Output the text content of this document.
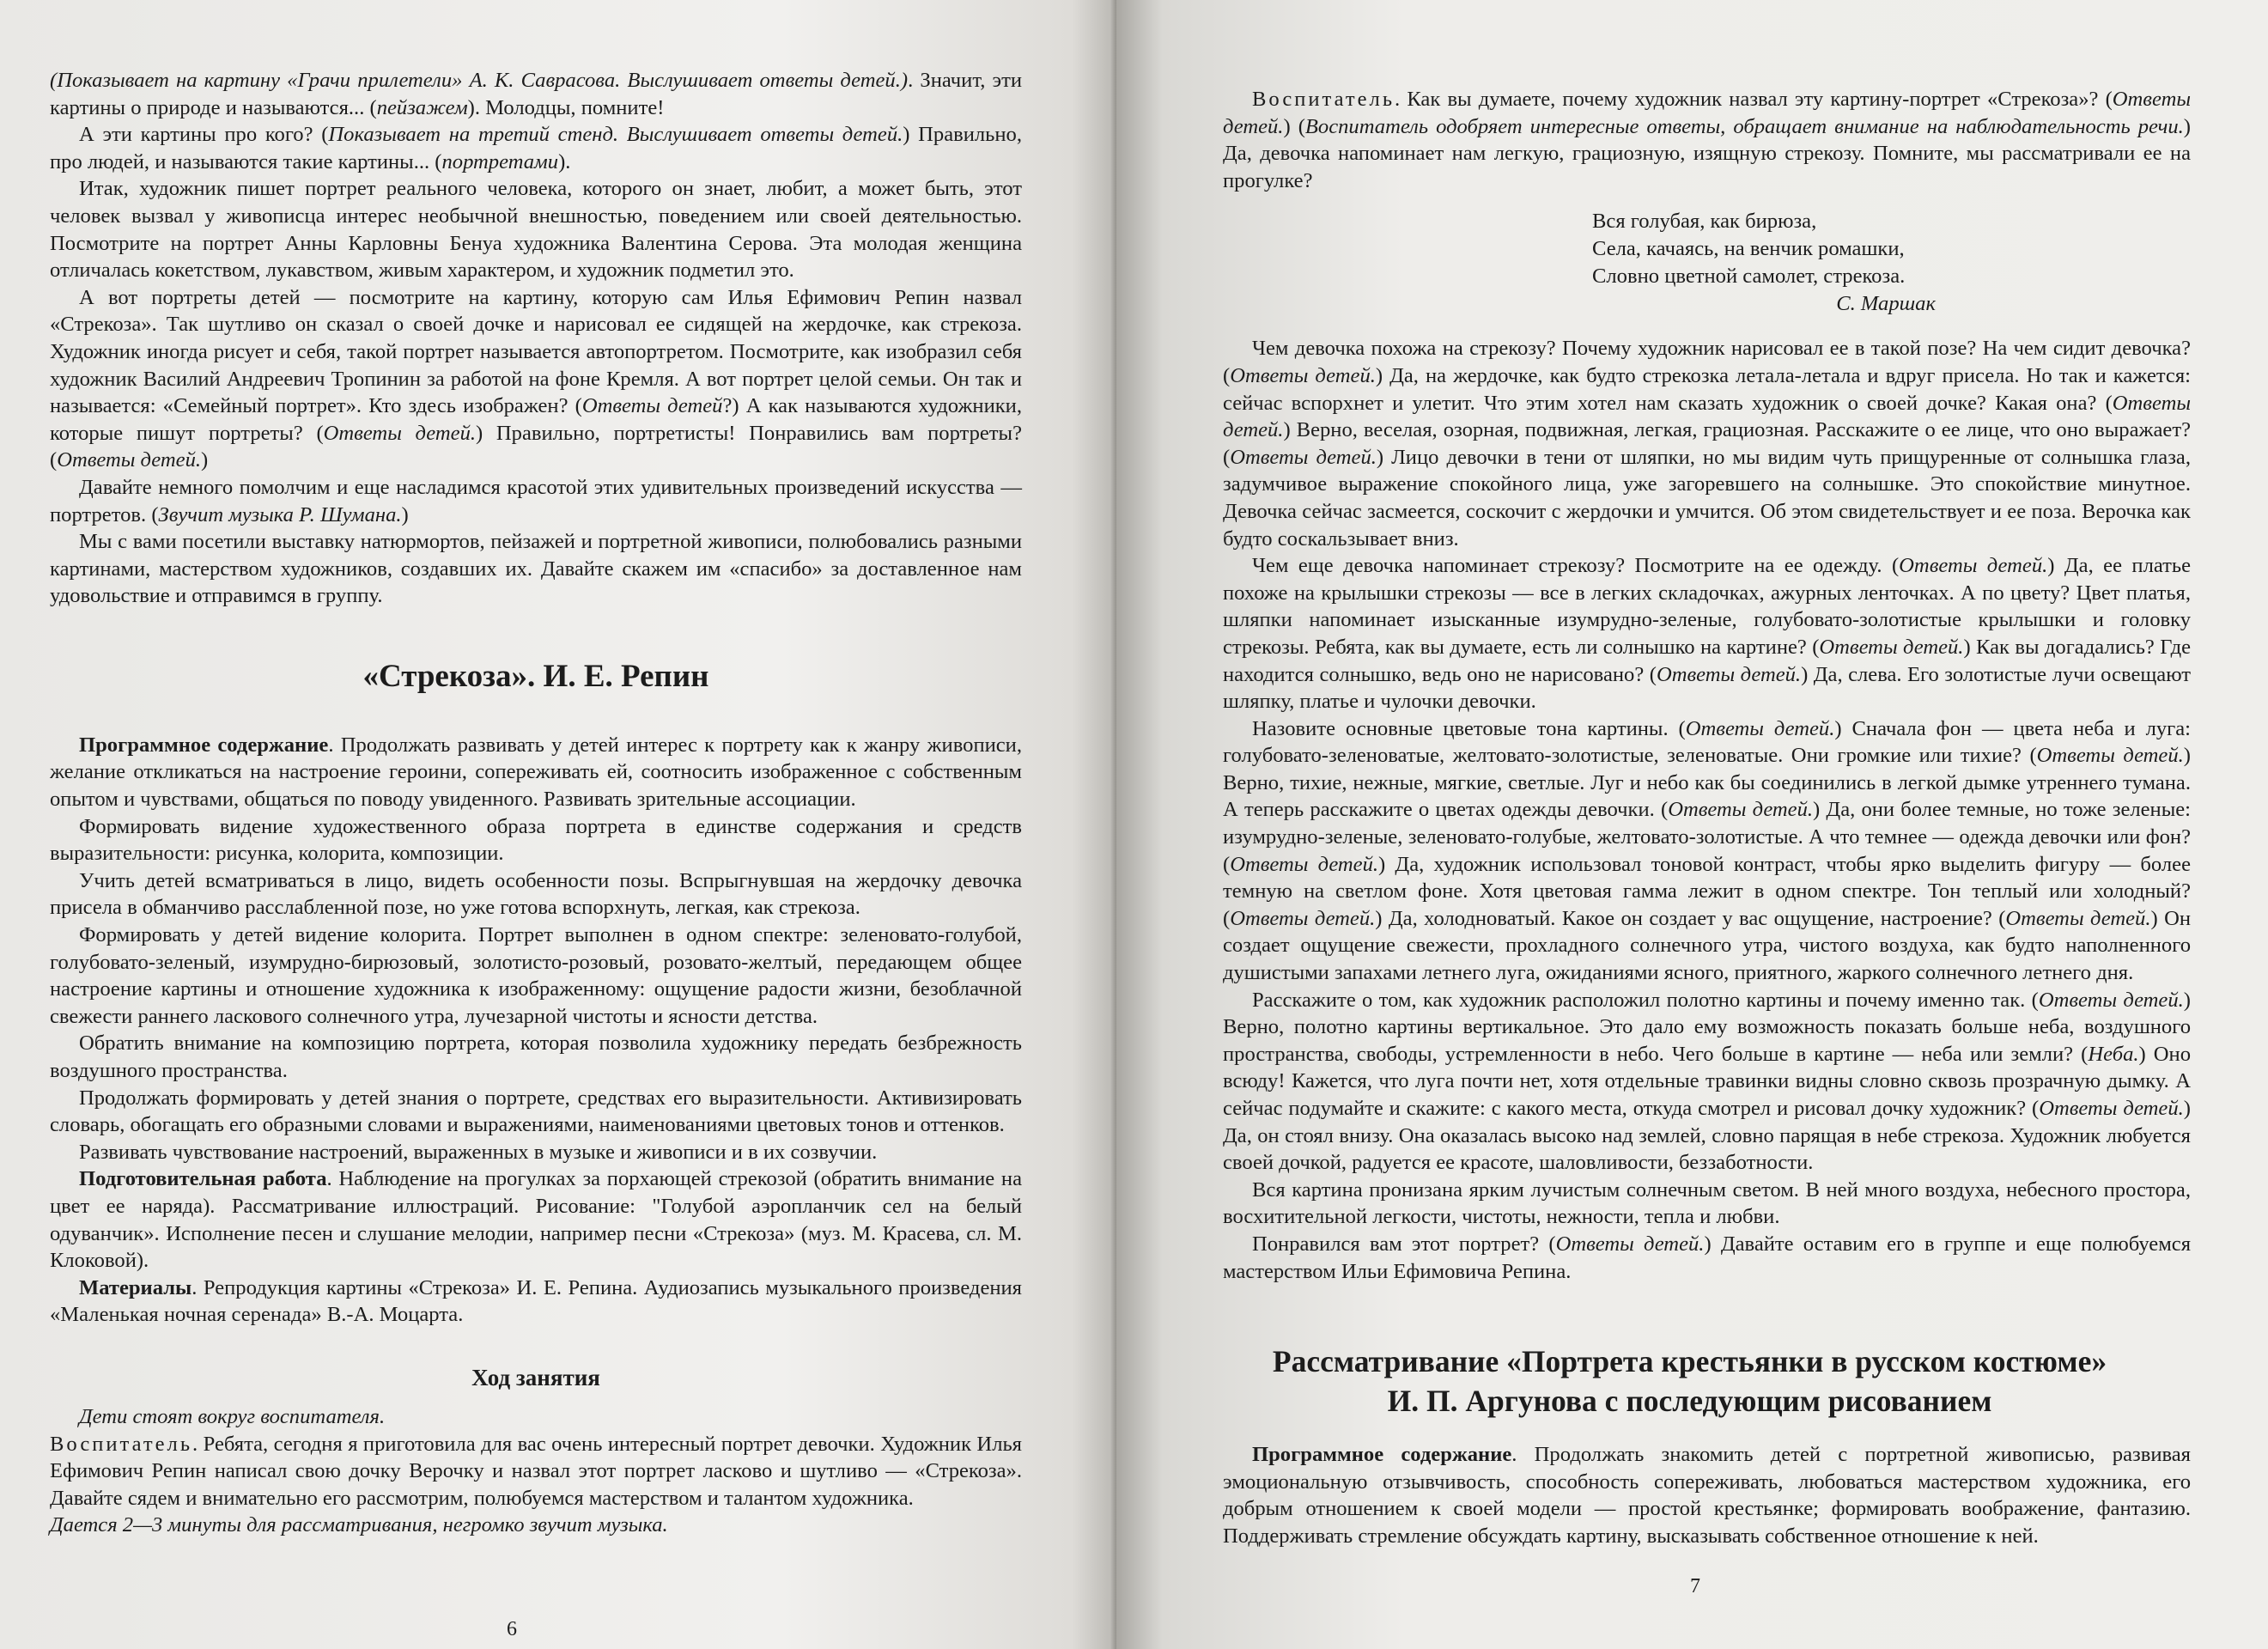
(Показывает на картину «Грачи прилетели» А. К. Саврасова. Выслушивает ответы детей.). Значит, эти картины о природе и называются... (пейзажем). Молодцы, помните!

А эти картины про кого? (Показывает на третий стенд. Выслушивает ответы детей.) Правильно, про людей, и называются такие картины... (портретами).

Итак, художник пишет портрет реального человека, которого он знает, любит, а может быть, этот человек вызвал у живописца интерес необычной внешностью, поведением или своей деятельностью. Посмотрите на портрет Анны Карловны Бенуа художника Валентина Серова. Эта молодая женщина отличалась кокетством, лукавством, живым характером, и художник подметил это.

А вот портреты детей — посмотрите на картину, которую сам Илья Ефимович Репин назвал «Стрекоза». Так шутливо он сказал о своей дочке и нарисовал ее сидящей на жердочке, как стрекоза. Художник иногда рисует и себя, такой портрет называется автопортретом. Посмотрите, как изобразил себя художник Василий Андреевич Тропинин за работой на фоне Кремля. А вот портрет целой семьи. Он так и называется: «Семейный портрет». Кто здесь изображен? (Ответы детей?) А как называются художники, которые пишут портреты? (Ответы детей.) Правильно, портретисты! Понравились вам портреты? (Ответы детей.)

Давайте немного помолчим и еще насладимся красотой этих удивительных произведений искусства — портретов. (Звучит музыка Р. Шумана.)

Мы с вами посетили выставку натюрмортов, пейзажей и портретной живописи, полюбовались разными картинами, мастерством художников, создавших их. Давайте скажем им «спасибо» за доставленное нам удовольствие и отправимся в группу.

«Стрекоза». И. Е. Репин

Программное содержание. Продолжать развивать у детей интерес к портрету как к жанру живописи, желание откликаться на настроение героини, сопереживать ей, соотносить изображенное с собственным опытом и чувствами, общаться по поводу увиденного. Развивать зрительные ассоциации.

Формировать видение художественного образа портрета в единстве содержания и средств выразительности: рисунка, колорита, композиции.

Учить детей всматриваться в лицо, видеть особенности позы. Вспрыгнувшая на жердочку девочка присела в обманчиво расслабленной позе, но уже готова вспорхнуть, легкая, как стрекоза.

Формировать у детей видение колорита. Портрет выполнен в одном спектре: зеленовато-голубой, голубовато-зеленый, изумрудно-бирюзовый, золотисто-розовый, розовато-желтый, передающем общее настроение картины и отношение художника к изображенному: ощущение радости жизни, безоблачной свежести раннего ласкового солнечного утра, лучезарной чистоты и ясности детства.

Обратить внимание на композицию портрета, которая позволила художнику передать безбрежность воздушного пространства.

Продолжать формировать у детей знания о портрете, средствах его выразительности. Активизировать словарь, обогащать его образными словами и выражениями, наименованиями цветовых тонов и оттенков.

Развивать чувствование настроений, выраженных в музыке и живописи и в их созвучии.

Подготовительная работа. Наблюдение на прогулках за порхающей стрекозой (обратить внимание на цвет ее наряда). Рассматривание иллюстраций. Рисование: "Голубой аэропланчик сел на белый одуванчик». Исполнение песен и слушание мелодии, например песни «Стрекоза» (муз. М. Красева, сл. М. Клоковой).

Материалы. Репродукция картины «Стрекоза» И. Е. Репина. Аудиозапись музыкального произведения «Маленькая ночная серенада» В.-А. Моцарта.

Ход занятия

Дети стоят вокруг воспитателя.

Воспитатель. Ребята, сегодня я приготовила для вас очень интересный портрет девочки. Художник Илья Ефимович Репин написал свою дочку Верочку и назвал этот портрет ласково и шутливо — «Стрекоза». Давайте сядем и внимательно его рассмотрим, полюбуемся мастерством и талантом художника.

Дается 2—3 минуты для рассматривания, негромко звучит музыка.

6

Воспитатель. Как вы думаете, почему художник назвал эту картину-портрет «Стрекоза»? (Ответы детей.) (Воспитатель одобряет интересные ответы, обращает внимание на наблюдательность речи.) Да, девочка напоминает нам легкую, грациозную, изящную стрекозу. Помните, мы рассматривали ее на прогулке?

Вся голубая, как бирюза,
Села, качаясь, на венчик ромашки,
Словно цветной самолет, стрекоза.
С. Маршак

Чем девочка похожа на стрекозу? Почему художник нарисовал ее в такой позе? На чем сидит девочка? (Ответы детей.) Да, на жердочке, как будто стрекозка летала-летала и вдруг присела. Но так и кажется: сейчас вспорхнет и улетит. Что этим хотел нам сказать художник о своей дочке? Какая она? (Ответы детей.) Верно, веселая, озорная, подвижная, легкая, грациозная. Расскажите о ее лице, что оно выражает? (Ответы детей.) Лицо девочки в тени от шляпки, но мы видим чуть прищуренные от солнышка глаза, задумчивое выражение спокойного лица, уже загоревшего на солнышке. Это спокойствие минутное. Девочка сейчас засмеется, соскочит с жердочки и умчится. Об этом свидетельствует и ее поза. Верочка как будто соскальзывает вниз.

Чем еще девочка напоминает стрекозу? Посмотрите на ее одежду. (Ответы детей.) Да, ее платье похоже на крылышки стрекозы — все в легких складочках, ажурных ленточках. А по цвету? Цвет платья, шляпки напоминает изысканные изумрудно-зеленые, голубовато-золотистые крылышки и головку стрекозы. Ребята, как вы думаете, есть ли солнышко на картине? (Ответы детей.) Как вы догадались? Где находится солнышко, ведь оно не нарисовано? (Ответы детей.) Да, слева. Его золотистые лучи освещают шляпку, платье и чулочки девочки.

Назовите основные цветовые тона картины. (Ответы детей.) Сначала фон — цвета неба и луга: голубовато-зеленоватые, желтовато-золотистые, зеленоватые. Они громкие или тихие? (Ответы детей.) Верно, тихие, нежные, мягкие, светлые. Луг и небо как бы соединились в легкой дымке утреннего тумана. А теперь расскажите о цветах одежды девочки. (Ответы детей.) Да, они более темные, но тоже зеленые: изумрудно-зеленые, зеленовато-голубые, желтовато-золотистые. А что темнее — одежда девочки или фон? (Ответы детей.) Да, художник использовал тоновой контраст, чтобы ярко выделить фигуру — более темную на светлом фоне. Хотя цветовая гамма лежит в одном спектре. Тон теплый или холодный? (Ответы детей.) Да, холодноватый. Какое он создает у вас ощущение, настроение? (Ответы детей.) Он создает ощущение свежести, прохладного солнечного утра, чистого воздуха, как будто наполненного душистыми запахами летнего луга, ожиданиями ясного, приятного, жаркого солнечного летнего дня.

Расскажите о том, как художник расположил полотно картины и почему именно так. (Ответы детей.) Верно, полотно картины вертикальное. Это дало ему возможность показать больше неба, воздушного пространства, свободы, устремленности в небо. Чего больше в картине — неба или земли? (Неба.) Оно всюду! Кажется, что луга почти нет, хотя отдельные травинки видны словно сквозь прозрачную дымку. А сейчас подумайте и скажите: с какого места, откуда смотрел и рисовал дочку художник? (Ответы детей.) Да, он стоял внизу. Она оказалась высоко над землей, словно парящая в небе стрекоза. Художник любуется своей дочкой, радуется ее красоте, шаловливости, беззаботности.

Вся картина пронизана ярким лучистым солнечным светом. В ней много воздуха, небесного простора, восхитительной легкости, чистоты, нежности, тепла и любви.

Понравился вам этот портрет? (Ответы детей.) Давайте оставим его в группе и еще полюбуемся мастерством Ильи Ефимовича Репина.

Рассматривание «Портрета крестьянки в русском костюме»
И. П. Аргунова с последующим рисованием

Программное содержание. Продолжать знакомить детей с портретной живописью, развивая эмоциональную отзывчивость, способность сопереживать, любоваться мастерством художника, его добрым отношением к своей модели — простой крестьянке; формировать воображение, фантазию. Поддерживать стремление обсуждать картину, высказывать собственное отношение к ней.

7
